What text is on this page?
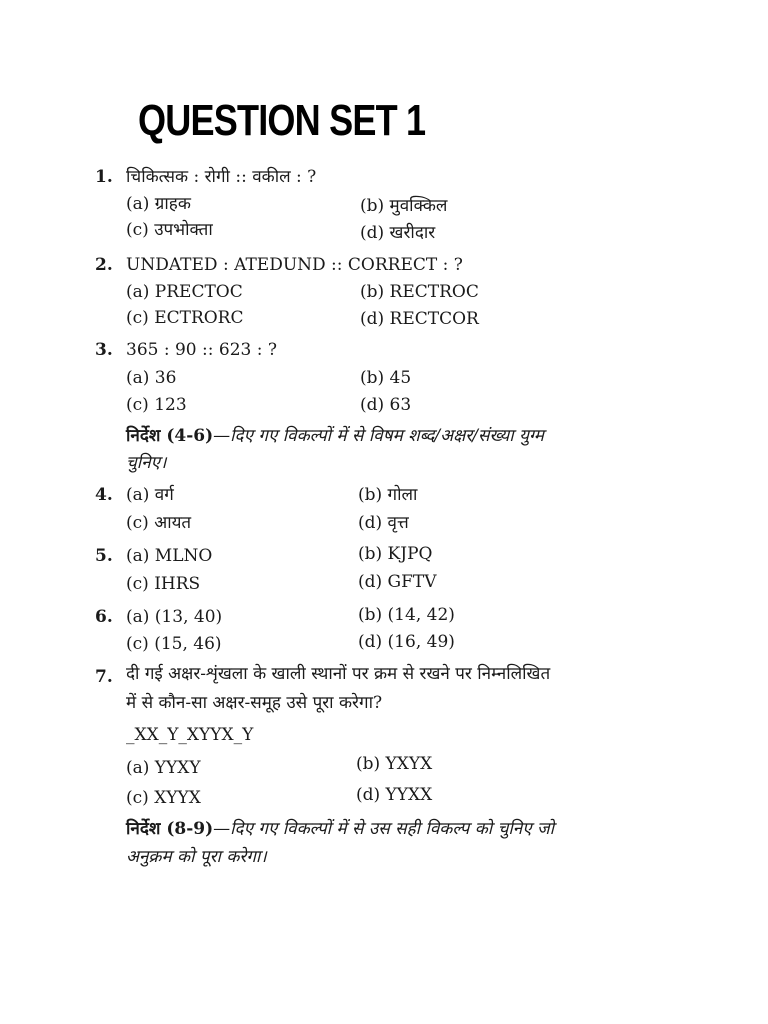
QUESTION SET 1
1. चिकित्सक : रोगी :: वकील : ?
(a) ग्राहक	(b) मुवक्किल
(c) उपभोक्ता	(d) खरीदार
2. UNDATED : ATEDUND :: CORRECT : ?
(a) PRECTOC	(b) RECTROC
(c) ECTRORC	(d) RECTCOR
3. 365 : 90 :: 623 : ?
(a) 36	(b) 45
(c) 123	(d) 63
निर्देश (4-6)—दिए गए विकल्पों में से विषम शब्द/अक्षर/संख्या युग्म
चुनिए।
4. (a) वर्ग	(b) गोला
(c) आयत	(d) वृत्त
5. (a) MLNO	(b) KJPQ
(c) IHRS	(d) GFTV
6. (a) (13, 40)	(b) (14, 42)
(c) (15, 46)	(d) (16, 49)
7. दी गई अक्षर-शृंखला के खाली स्थानों पर क्रम से रखने पर निम्नलिखित
में से कौन-सा अक्षर-समूह उसे पूरा करेगा?
_XX_Y_XYYX_Y
(a) YYXY	(b) YXYX
(c) XYYX	(d) YYXX
निर्देश (8-9)—दिए गए विकल्पों में से उस सही विकल्प को चुनिए जो
अनुक्रम को पूरा करेगा।
